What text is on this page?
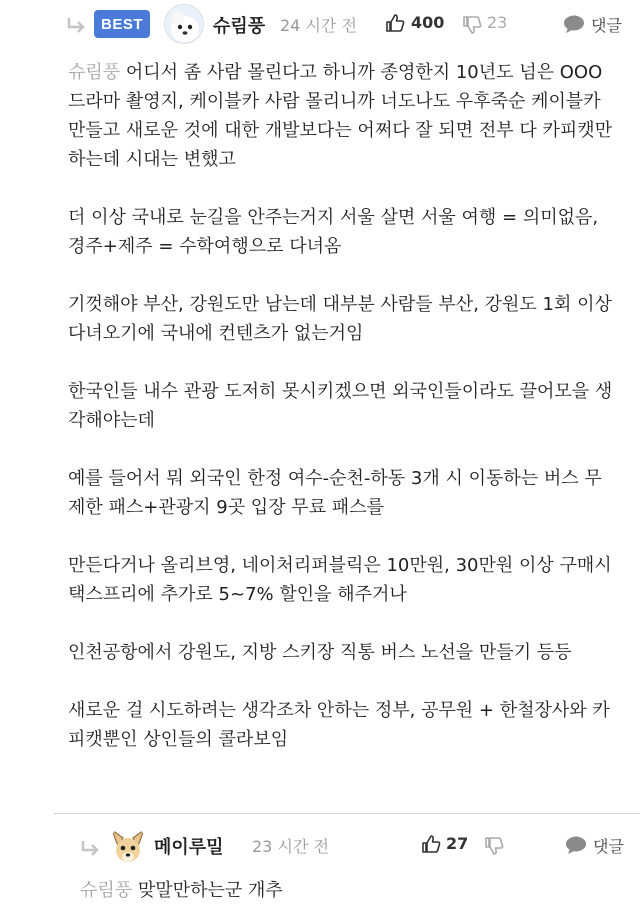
BEST	슈림풍 24 시간 전	400	23	댓글

슈림풍 어디서 좀 사람 몰린다고 하니까 종영한지 10년도 넘은 OOO 드라마 촬영지, 케이블카 사람 몰리니까 너도나도 우후죽순 케이블카 만들고 새로운 것에 대한 개발보다는 어쩌다 잘 되면 전부 다 카피캣만 하는데 시대는 변했고

더 이상 국내로 눈길을 안주는거지 서울 살면 서울 여행 = 의미없음, 경주+제주 = 수학여행으로 다녀옴

기껏해야 부산, 강원도만 남는데 대부분 사람들 부산, 강원도 1회 이상 다녀오기에 국내에 컨텐츠가 없는거임

한국인들 내수 관광 도저히 못시키겠으면 외국인들이라도 끌어모을 생각해야는데

예를 들어서 뭐 외국인 한정 여수-순천-하동 3개 시 이동하는 버스 무제한 패스+관광지 9곳 입장 무료 패스를

만든다거나 올리브영, 네이처리퍼블릭은 10만원, 30만원 이상 구매시 택스프리에 추가로 5~7% 할인을 해주거나

인천공항에서 강원도, 지방 스키장 직통 버스 노선을 만들기 등등

새로운 걸 시도하려는 생각조차 안하는 정부, 공무원 + 한철장사와 카피캣뿐인 상인들의 콜라보임

메이루밀 23 시간 전	27	댓글
슈림풍 맞말만하는군 개추
